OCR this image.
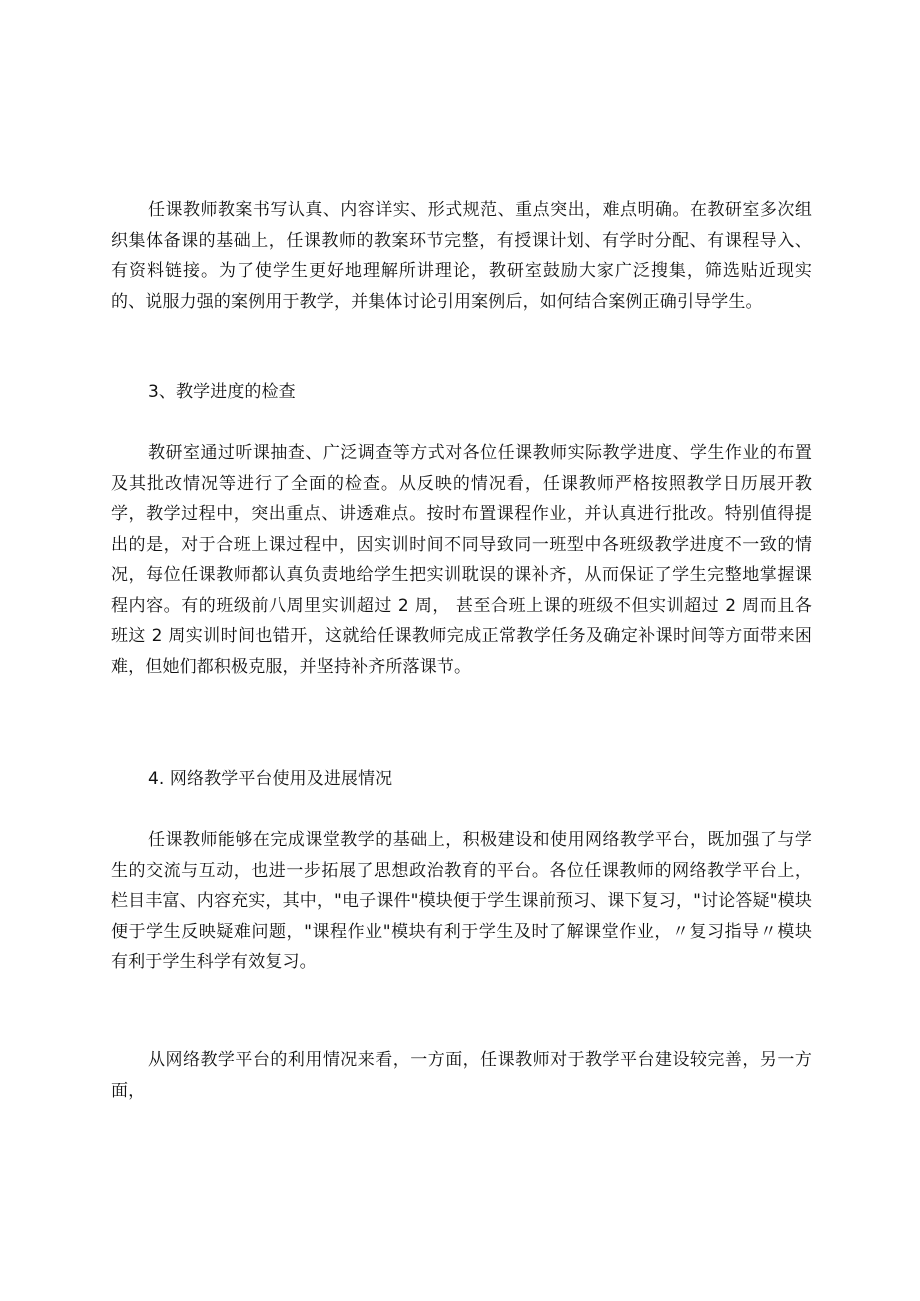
任课教师教案书写认真、内容详实、形式规范、重点突出，难点明确。在教研室多次组织集体备课的基础上，任课教师的教案环节完整，有授课计划、有学时分配、有课程导入、有资料链接。为了使学生更好地理解所讲理论，教研室鼓励大家广泛搜集，筛选贴近现实的、说服力强的案例用于教学，并集体讨论引用案例后，如何结合案例正确引导学生。

3、教学进度的检查

教研室通过听课抽查、广泛调查等方式对各位任课教师实际教学进度、学生作业的布置及其批改情况等进行了全面的检查。从反映的情况看，任课教师严格按照教学日历展开教学，教学过程中，突出重点、讲透难点。按时布置课程作业，并认真进行批改。特别值得提出的是，对于合班上课过程中，因实训时间不同导致同一班型中各班级教学进度不一致的情况，每位任课教师都认真负责地给学生把实训耽误的课补齐，从而保证了学生完整地掌握课程内容。有的班级前八周里实训超过 2 周， 甚至合班上课的班级不但实训超过 2 周而且各班这 2 周实训时间也错开，这就给任课教师完成正常教学任务及确定补课时间等方面带来困难，但她们都积极克服，并坚持补齐所落课节。

4. 网络教学平台使用及进展情况

任课教师能够在完成课堂教学的基础上，积极建设和使用网络教学平台，既加强了与学生的交流与互动，也进一步拓展了思想政治教育的平台。各位任课教师的网络教学平台上，栏目丰富、内容充实，其中，"电子课件"模块便于学生课前预习、课下复习，"讨论答疑"模块便于学生反映疑难问题，"课程作业"模块有利于学生及时了解课堂作业，〃复习指导〃模块有利于学生科学有效复习。

从网络教学平台的利用情况来看，一方面，任课教师对于教学平台建设较完善，另一方面，
